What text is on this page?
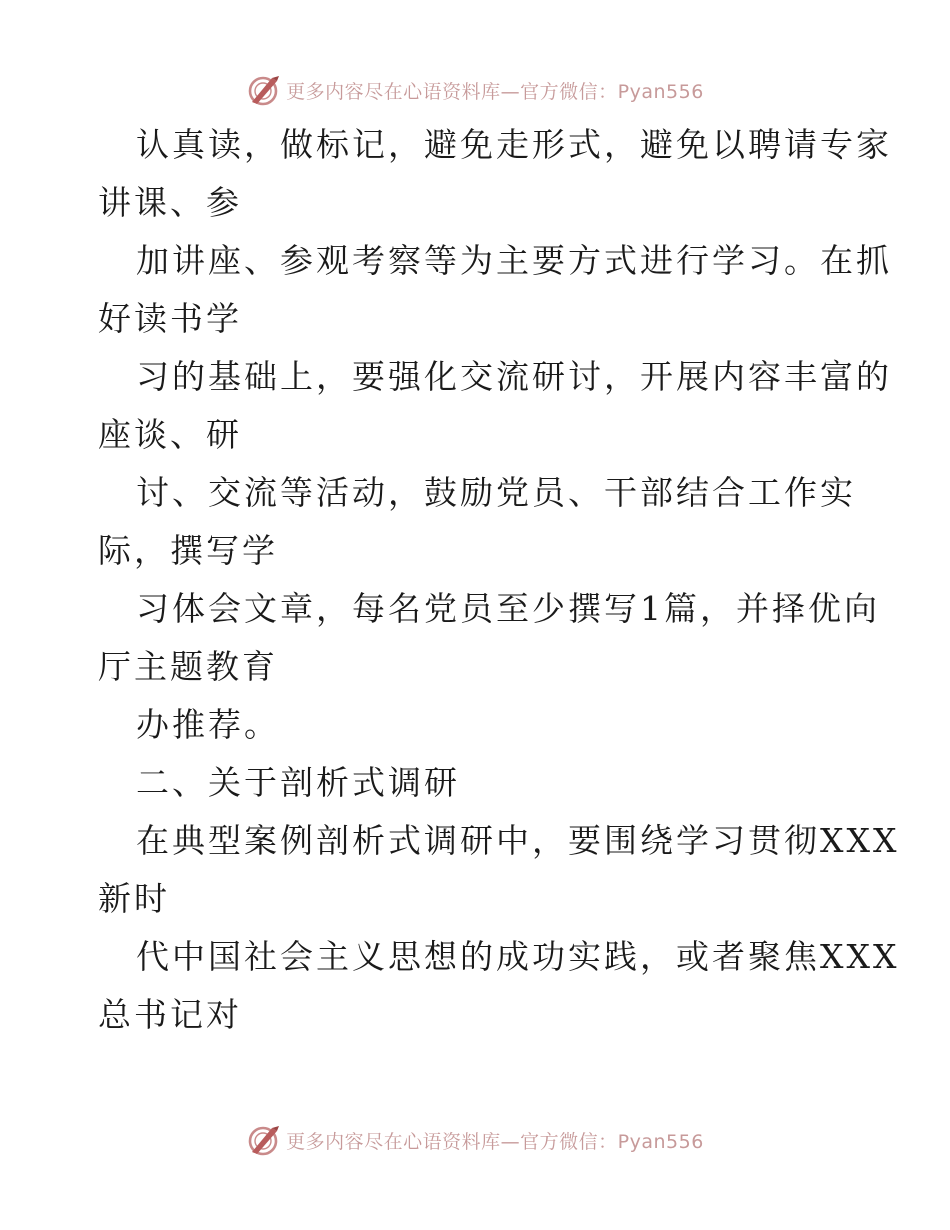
更多内容尽在心语资料库—官方微信：Pyan556
认真读，做标记，避免走形式，避免以聘请专家
讲课、参
加讲座、参观考察等为主要方式进行学习。在抓
好读书学
习的基础上，要强化交流研讨，开展内容丰富的
座谈、研
讨、交流等活动，鼓励党员、干部结合工作实
际，撰写学
习体会文章，每名党员至少撰写1篇，并择优向
厅主题教育
办推荐。
二、关于剖析式调研
在典型案例剖析式调研中，要围绕学习贯彻XXX
新时
代中国社会主义思想的成功实践，或者聚焦XXX
总书记对
更多内容尽在心语资料库—官方微信：Pyan556
